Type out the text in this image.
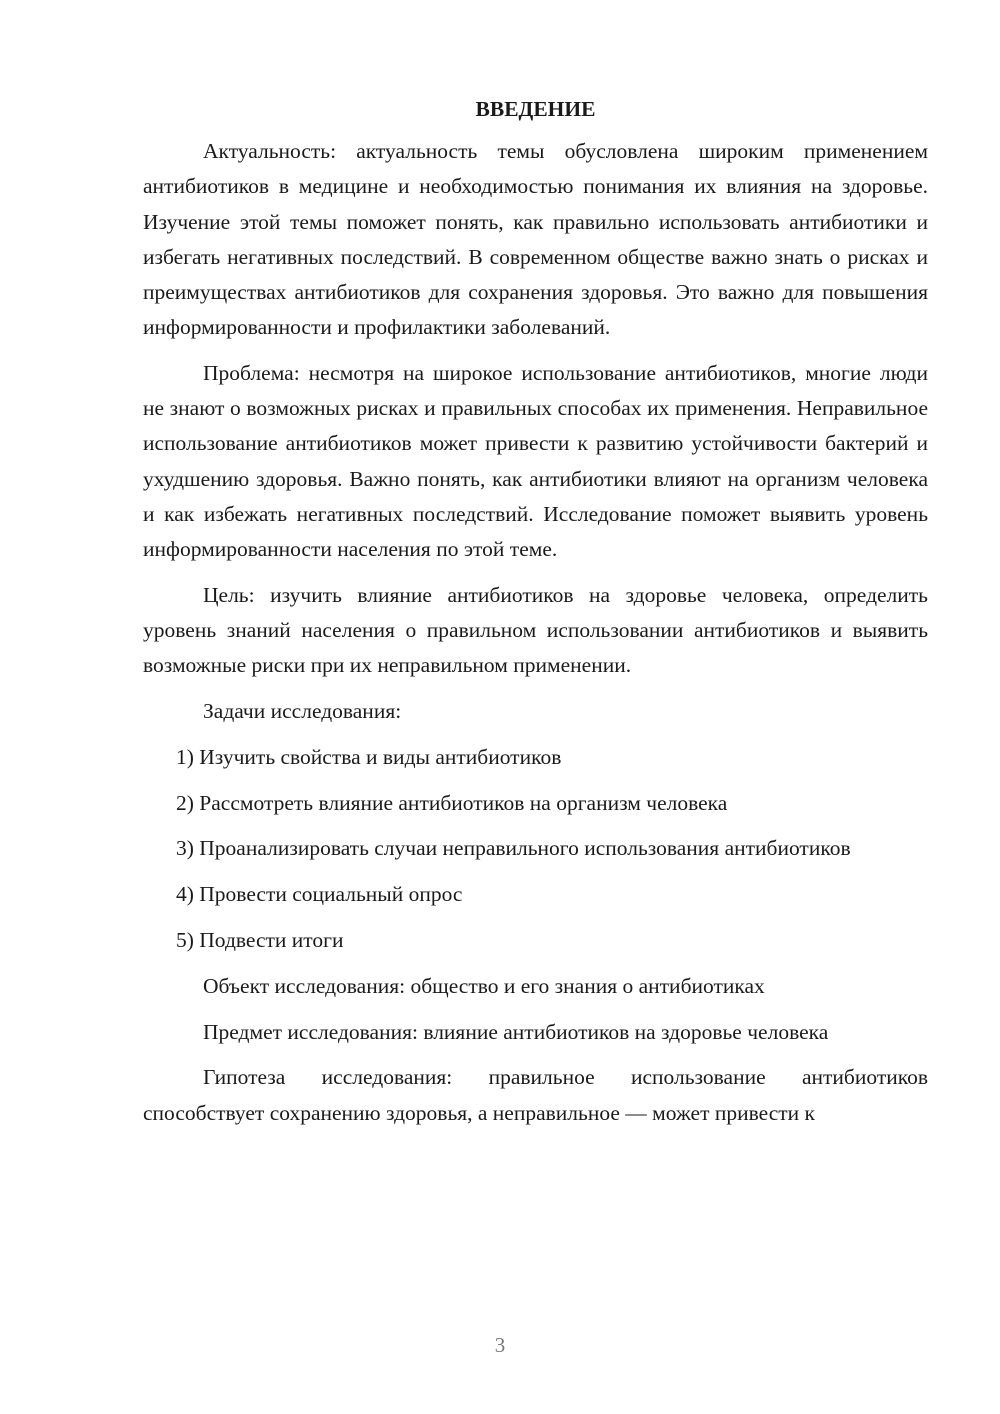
ВВЕДЕНИЕ

Актуальность: актуальность темы обусловлена широким применением антибиотиков в медицине и необходимостью понимания их влияния на здоровье. Изучение этой темы поможет понять, как правильно использовать антибиотики и избегать негативных последствий. В современном обществе важно знать о рисках и преимуществах антибиотиков для сохранения здоровья. Это важно для повышения информированности и профилактики заболеваний.

Проблема: несмотря на широкое использование антибиотиков, многие люди не знают о возможных рисках и правильных способах их применения. Неправильное использование антибиотиков может привести к развитию устойчивости бактерий и ухудшению здоровья. Важно понять, как антибиотики влияют на организм человека и как избежать негативных последствий. Исследование поможет выявить уровень информированности населения по этой теме.

Цель: изучить влияние антибиотиков на здоровье человека, определить уровень знаний населения о правильном использовании антибиотиков и выявить возможные риски при их неправильном применении.

Задачи исследования:

1) Изучить свойства и виды антибиотиков

2) Рассмотреть влияние антибиотиков на организм человека

3) Проанализировать случаи неправильного использования антибиотиков

4) Провести социальный опрос

5) Подвести итоги

Объект исследования: общество и его знания о антибиотиках

Предмет исследования: влияние антибиотиков на здоровье человека

Гипотеза исследования: правильное использование антибиотиков способствует сохранению здоровья, а неправильное — может привести к

3
